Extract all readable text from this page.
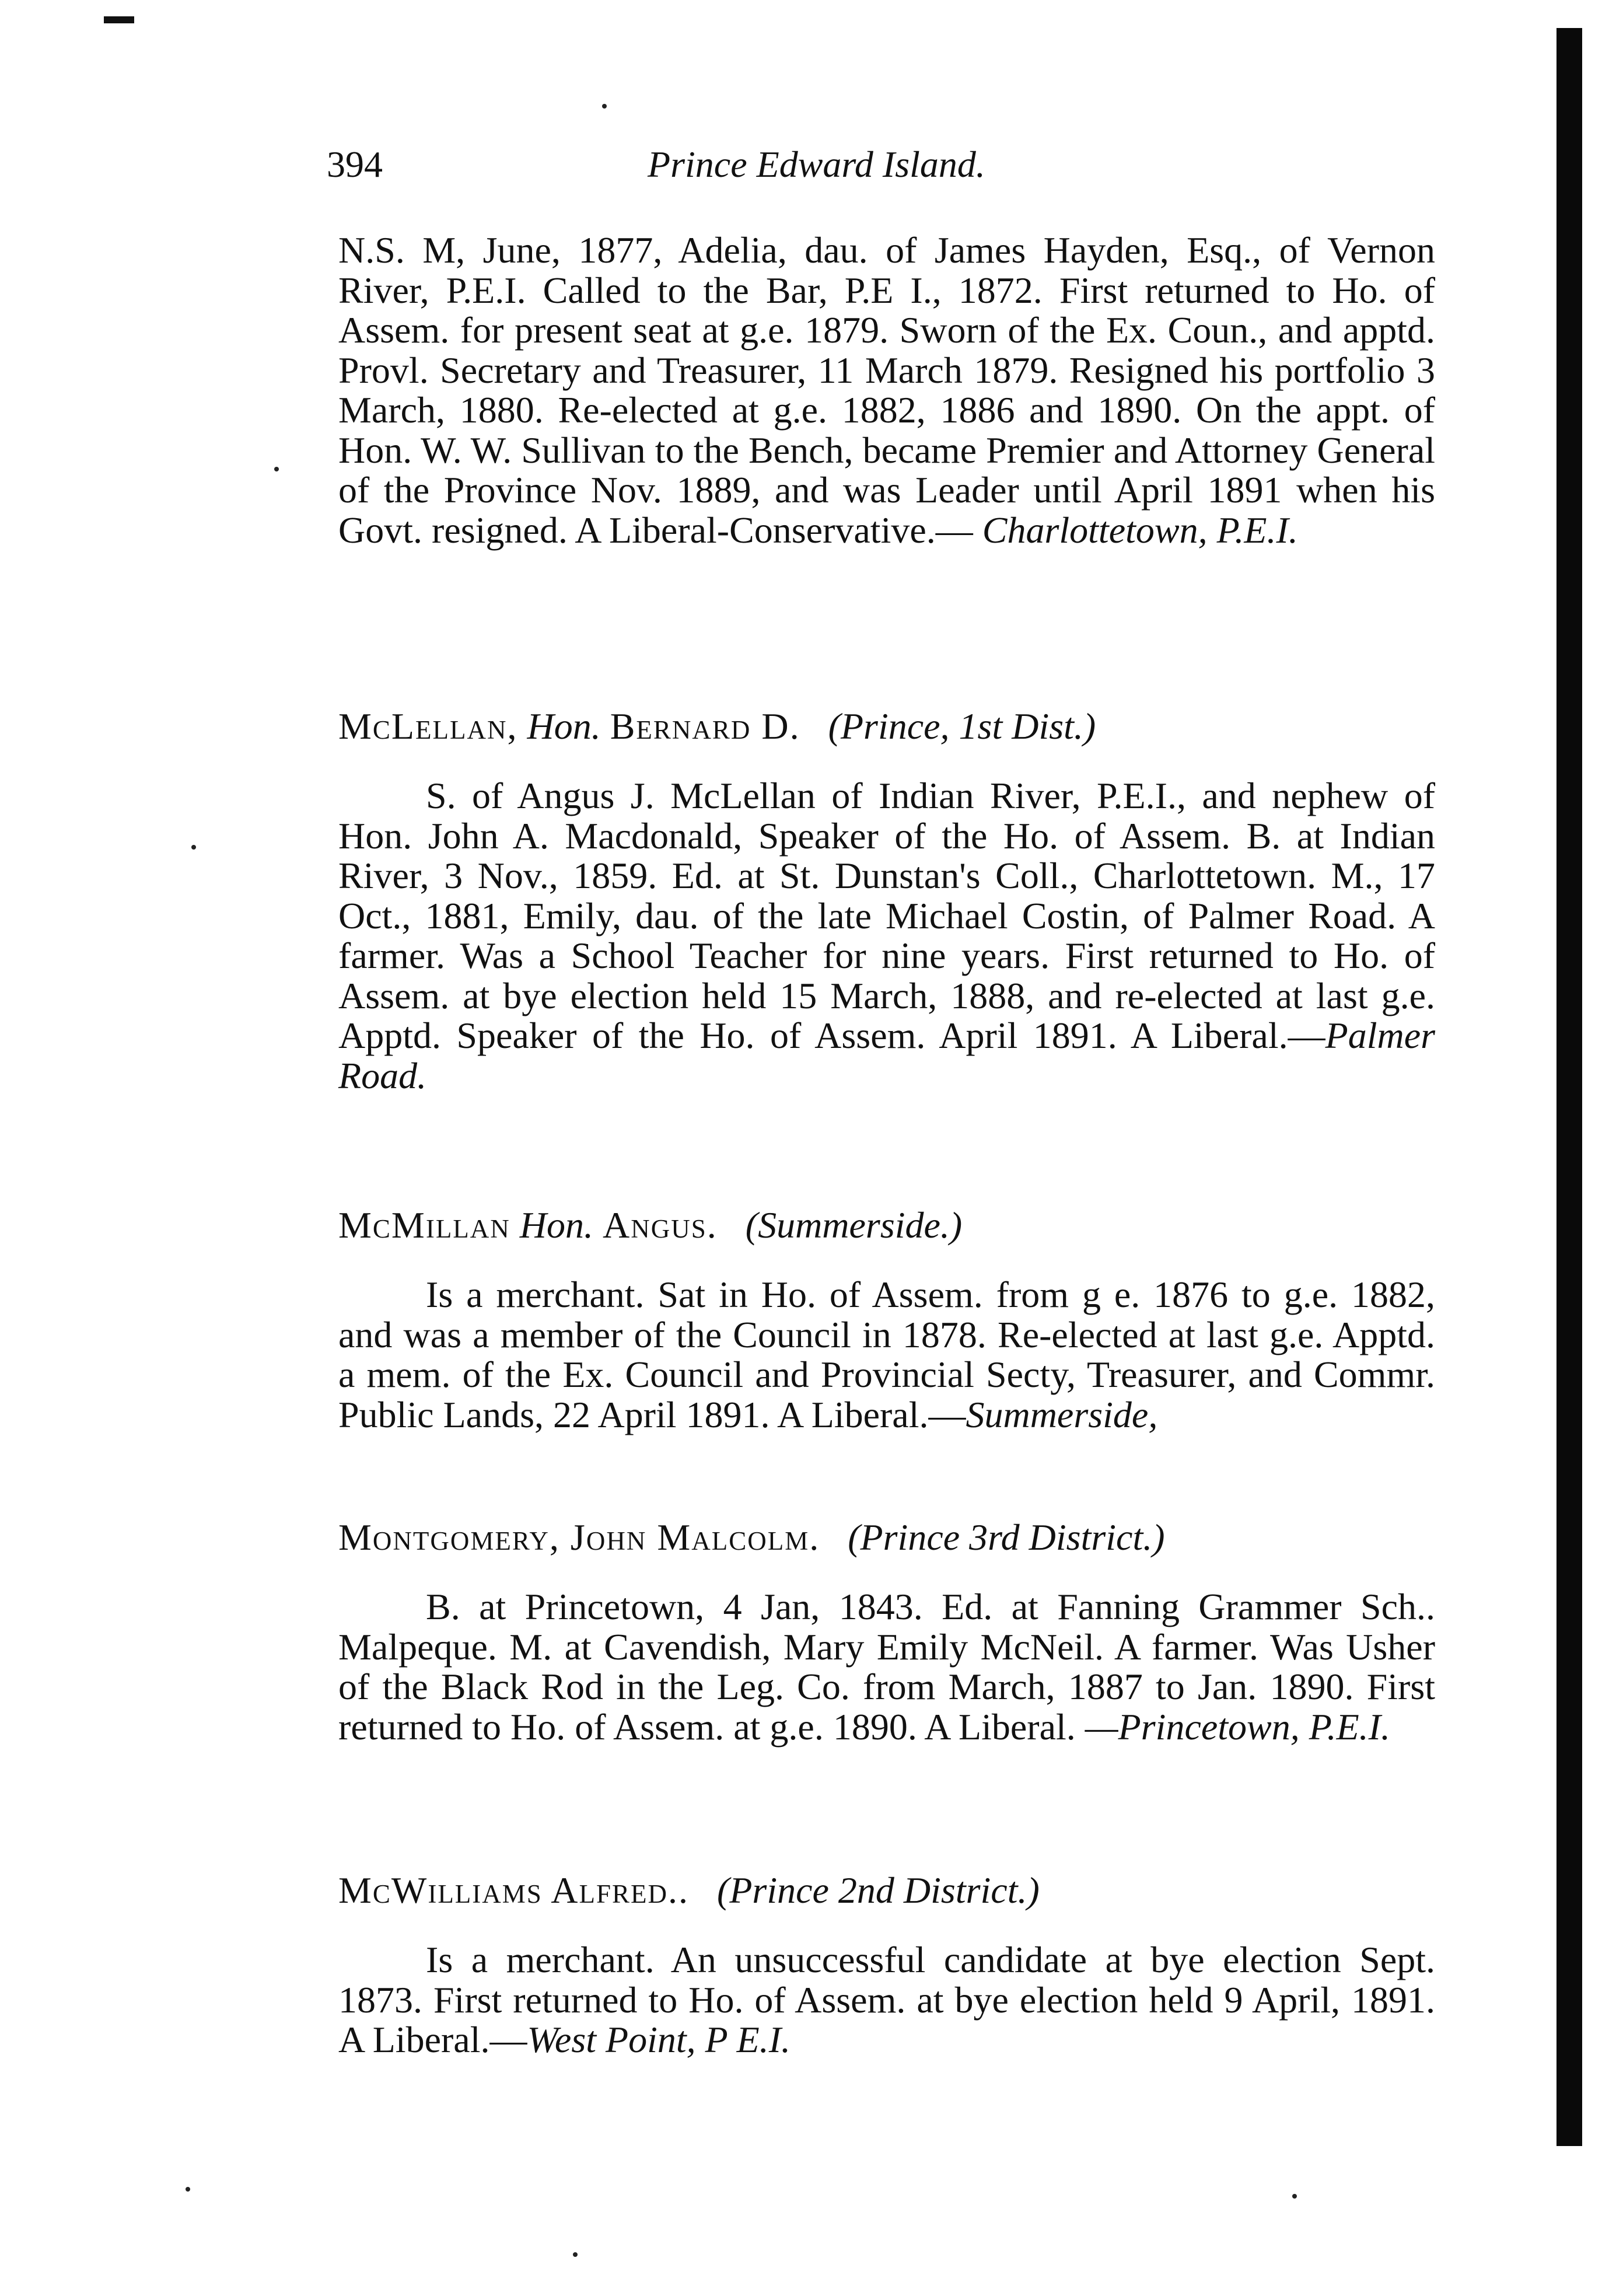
394	Prince Edward Island.

N.S. M, June, 1877, Adelia, dau. of James Hayden, Esq., of Vernon River, P.E.I. Called to the Bar, P.E I., 1872. First returned to Ho. of Assem. for present seat at g.e. 1879. Sworn of the Ex. Coun., and apptd. Provl. Secretary and Treasurer, 11 March 1879. Resigned his portfolio 3 March, 1880. Re-elected at g.e. 1882, 1886 and 1890. On the appt. of Hon. W. W. Sullivan to the Bench, became Premier and Attorney General of the Province Nov. 1889, and was Leader until April 1891 when his Govt. resigned. A Liberal-Conservative.— Charlottetown, P.E.I.

McLellan, Hon. Bernard D. (Prince, 1st Dist.)

S. of Angus J. McLellan of Indian River, P.E.I., and nephew of Hon. John A. Macdonald, Speaker of the Ho. of Assem. B. at Indian River, 3 Nov., 1859. Ed. at St. Dunstan's Coll., Charlottetown. M., 17 Oct., 1881, Emily, dau. of the late Michael Costin, of Palmer Road. A farmer. Was a School Teacher for nine years. First returned to Ho. of Assem. at bye election held 15 March, 1888, and re-elected at last g.e. Apptd. Speaker of the Ho. of Assem. April 1891. A Liberal.—Palmer Road.

McMillan Hon. Angus. (Summerside.)

Is a merchant. Sat in Ho. of Assem. from g e. 1876 to g.e. 1882, and was a member of the Council in 1878. Re-elected at last g.e. Apptd. a mem. of the Ex. Council and Provincial Secty, Treasurer, and Commr. Public Lands, 22 April 1891. A Liberal.—Summerside,

Montgomery, John Malcolm. (Prince 3rd District.)

B. at Princetown, 4 Jan, 1843. Ed. at Fanning Grammer Sch.. Malpeque. M. at Cavendish, Mary Emily McNeil. A farmer. Was Usher of the Black Rod in the Leg. Co. from March, 1887 to Jan. 1890. First returned to Ho. of Assem. at g.e. 1890. A Liberal. —Princetown, P.E.I.

McWilliams Alfred.. (Prince 2nd District.)

Is a merchant. An unsuccessful candidate at bye election Sept. 1873. First returned to Ho. of Assem. at bye election held 9 April, 1891. A Liberal.—West Point, P E.I.
